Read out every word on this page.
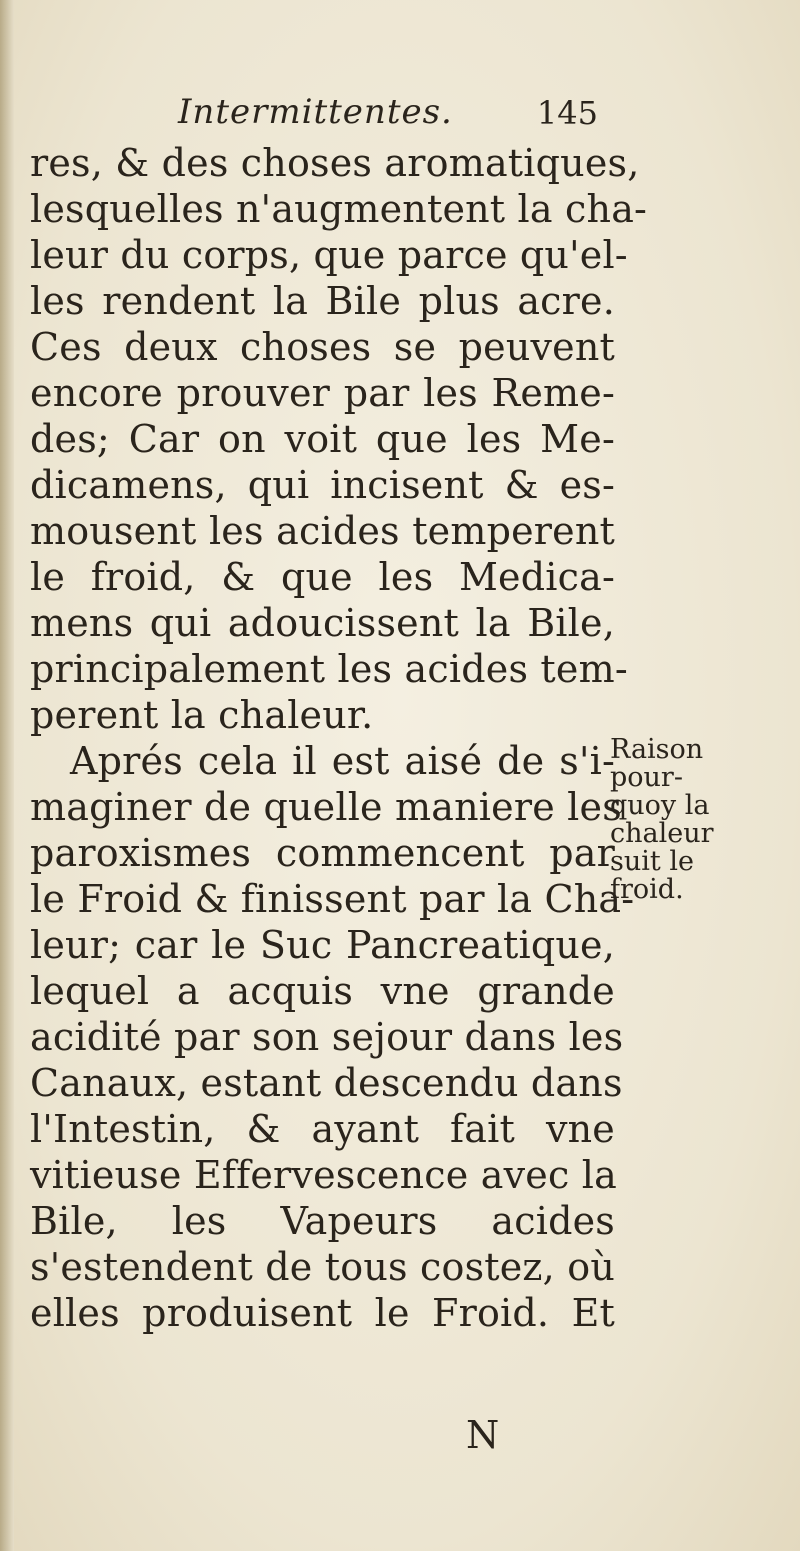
Intermittentes.	145
res, & des choses aromatiques,
lesquelles n'augmentent la cha-
leur du corps, que parce qu'el-
les rendent la Bile plus acre.
Ces deux choses se peuvent
encore prouver par les Reme-
des; Car on voit que les Me-
dicamens, qui incisent & es-
mousent les acides temperent
le froid, & que les Medica-
mens qui adoucissent la Bile,
principalement les acides tem-
perent la chaleur.
Aprés cela il est aisé de s'i-
maginer de quelle maniere les
paroxismes commencent par
le Froid & finissent par la Cha-
leur; car le Suc Pancreatique,
lequel a acquis vne grande
acidité par son sejour dans les
Canaux, estant descendu dans
l'Intestin, & ayant fait vne
vitieuse Effervescence avec la
Bile, les Vapeurs acides
s'estendent de tous costez, où
elles produisent le Froid. Et
Raison
pour-
quoy la
chaleur
suit le
froid.
N
